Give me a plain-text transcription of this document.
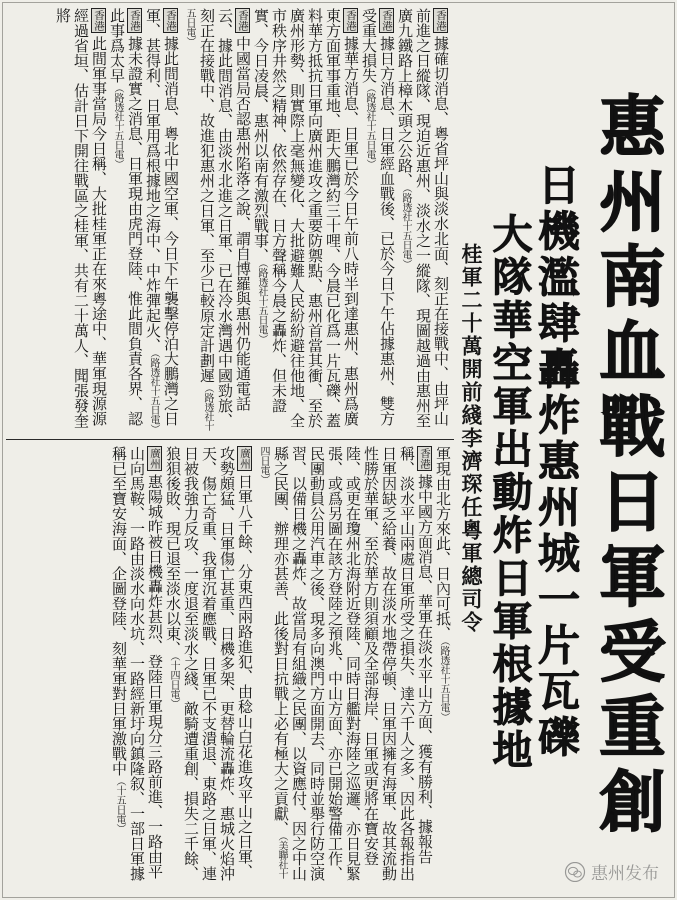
惠州南血戰日軍受重創
日機濫肆轟炸惠州城一片瓦礫
大隊華空軍出動炸日軍根據地
桂軍二十萬開前綫李濟琛任粵軍總司令

香港據確切消息、粵省坪山與淡水北面、刻正在接戰中、由坪山前進之日縱隊、現迫近惠州、淡水之一縱隊、現圖越過由惠州至廣九鐵路上樟木頭之公路、（路透社十五日電）

香港據日方消息、日軍經血戰後、已於今日下午佔據惠州、雙方受重大損失（路透社十五日電）

香港據華方消息、日軍已於今日午前八時半到達惠州、惠州爲廣東方面軍事重地、距大鵬灣約三十哩、今晨已化爲一片瓦礫、蓋料華方抵抗日軍向廣州進攻之重要防禦點、惠州首當其衝、至於廣州形勢、則實際上毫無變化、大批避難人民紛紛避往他地、全市秩序井然之精神、依然存在、日方聲稱今晨之轟炸、但未證實、今日凌晨、惠州以南有激烈戰事、（路透社十五日電）

香港中國當局否認惠州陷落之說、謂自博羅與惠州仍能通電話云、據此間消息、由淡水北進之日軍、已在冷水灣遇中國勁旅、刻正在接戰中、故進犯惠州之日軍、至少已較原定計劃遲（路透社十五日電）

香港據此間消息、粵北中國空軍、今日下午襲擊停泊大鵬灣之日軍、甚得利、日軍用爲根據地之海中、中炸彈起火、（路透社十五日電）

香港據未證實之消息、日軍現由虎門登陸、惟此間負責各界、認此事爲太早（路透社十五日電）

香港此間軍事當局今日稱、大批桂軍正在來粵途中、華軍現源源經過省垣、估計日下開往戰區之桂軍、共有二十萬人、聞張發奎將

軍現由北方來此、日內可抵、（路透社十五日電）

香港據中國方面消息、華軍在淡水平山方面、獲有勝利、據報告稱、淡水平山兩處日軍所受之損失、達六千人之多、因此各報指出日軍因缺乏給養、故在淡水地帶停頓、日軍因擁有海軍、故其流動性勝於華軍、至於華方則須顧及全部海岸、日軍或更將在寶安登陸、或更在瓊州北海附近登陸、同時日艦對海陸之巡邏、亦日見緊張、或爲另圖在該方登陸之預兆、中山方面、亦已開始警備工作、民團動員公用汽車之後、現多向澳門方面開去、同時並舉行防空演習、以備日機之轟炸、故當局有組織之民團、以資應付、因之中山縣之民團、辦理亦甚善、此後對日抗戰上必有極大之貢獻、（美聯社十四日電）

廣州日軍八千餘、分東西兩路進犯、由稔山白花進攻平山之日軍、攻勢頗猛、日軍傷亡甚重、日機多架、更替輪流轟炸、惠城火焰沖天、傷亡奇重、我軍沉着應戰、日軍已不支潰退、東路之日軍、連日被我強力反攻、一度退至淡水之綫、敵騎遭重創、損失二千餘、狼狽後敗、現已退至淡水以東、（十四日電）

廣州惠陽城昨被日機轟炸甚烈、登陸日軍現分三路前進、一路由平山向馬鞍、一路由淡水向水坑、一路經新圩向鎮隆叙、一部日軍據稱已至寶安海面、企圖登陸、刻華軍對日軍激戰中（十五日電）

惠州发布
